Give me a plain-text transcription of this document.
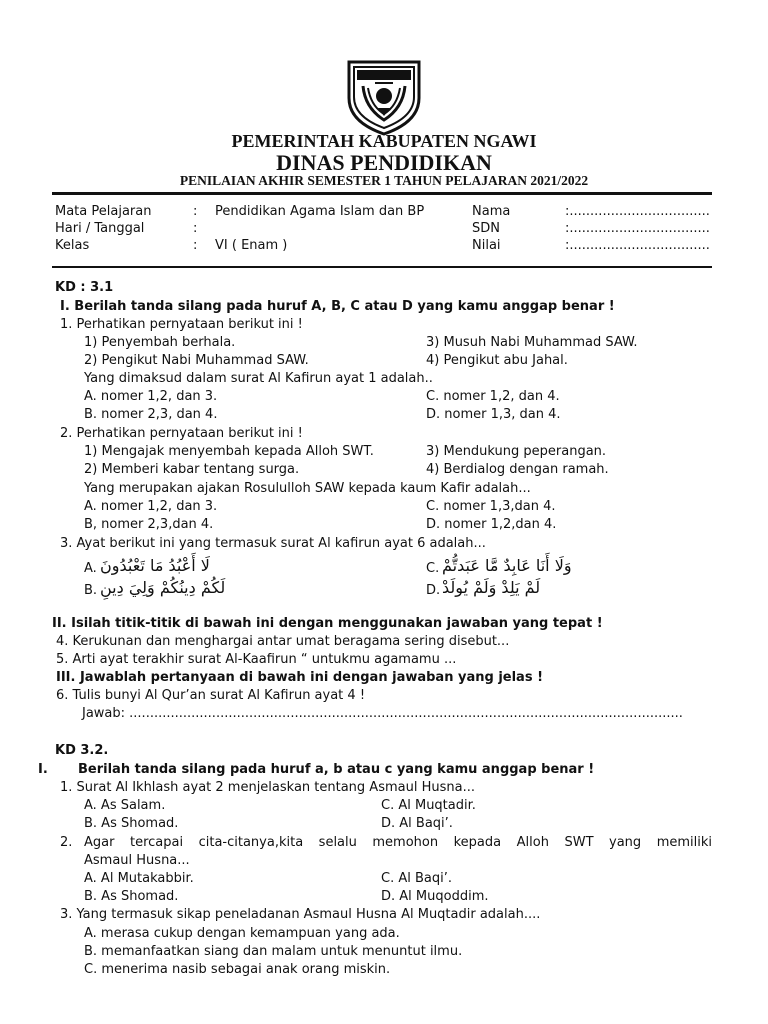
PEMERINTAH KABUPATEN NGAWI
DINAS PENDIDIKAN
PENILAIAN AKHIR SEMESTER 1 TAHUN PELAJARAN 2021/2022
Mata Pelajaran	: Pendidikan Agama Islam dan BP
Hari / Tanggal	:
Kelas	: VI ( Enam )
Nama	:..................................
SDN	:..................................
Nilai	:..................................
KD : 3.1
I. Berilah tanda silang pada huruf A, B, C atau D yang kamu anggap benar !
1. Perhatikan pernyataan berikut ini !
1) Penyembah berhala.	3) Musuh Nabi Muhammad SAW.
2) Pengikut Nabi Muhammad SAW.	4) Pengikut abu Jahal.
Yang dimaksud dalam surat Al Kafirun ayat 1 adalah..
A. nomer 1,2, dan 3.	C. nomer 1,2, dan 4.
B. nomer 2,3, dan 4.	D. nomer 1,3, dan 4.
2. Perhatikan pernyataan berikut ini !
1) Mengajak menyembah kepada Alloh SWT.	3) Mendukung peperangan.
2) Memberi kabar tentang surga.	4) Berdialog dengan ramah.
Yang merupakan ajakan Rosululloh SAW kepada kaum Kafir adalah...
A. nomer 1,2, dan 3.	C. nomer 1,3,dan 4.
B, nomer 2,3,dan 4.	D. nomer 1,2,dan 4.
3. Ayat berikut ini yang termasuk surat Al kafirun ayat 6 adalah...
A. لَا أَعْبُدُ مَا تَعْبُدُونَ	C. وَلَا أَنَا عَابِدٌ مَّا عَبَدتُّمْ
B. لَكُمْ دِينُكُمْ وَلِيَ دِينِ	D. لَمْ يَلِدْ وَلَمْ يُولَدْ
II. Isilah titik-titik di bawah ini dengan menggunakan jawaban yang tepat !
4. Kerukunan dan menghargai antar umat beragama sering disebut...
5. Arti ayat terakhir surat Al-Kaafirun “ untukmu agamamu ...
III. Jawablah pertanyaan di bawah ini dengan jawaban yang jelas !
6. Tulis bunyi Al Qur’an surat Al Kafirun ayat 4 !
Jawab: ......................................................................................................................................
KD 3.2.
I. Berilah tanda silang pada huruf a, b atau c yang kamu anggap benar !
1. Surat Al Ikhlash ayat 2 menjelaskan tentang Asmaul Husna...
A. As Salam.	C. Al Muqtadir.
B. As Shomad.	D. Al Baqi’.
2. Agar tercapai cita-citanya,kita selalu memohon kepada Alloh SWT yang memiliki
Asmaul Husna...
A. Al Mutakabbir.	C. Al Baqi’.
B. As Shomad.	D. Al Muqoddim.
3. Yang termasuk sikap peneladanan Asmaul Husna Al Muqtadir adalah....
A. merasa cukup dengan kemampuan yang ada.
B. memanfaatkan siang dan malam untuk menuntut ilmu.
C. menerima nasib sebagai anak orang miskin.
